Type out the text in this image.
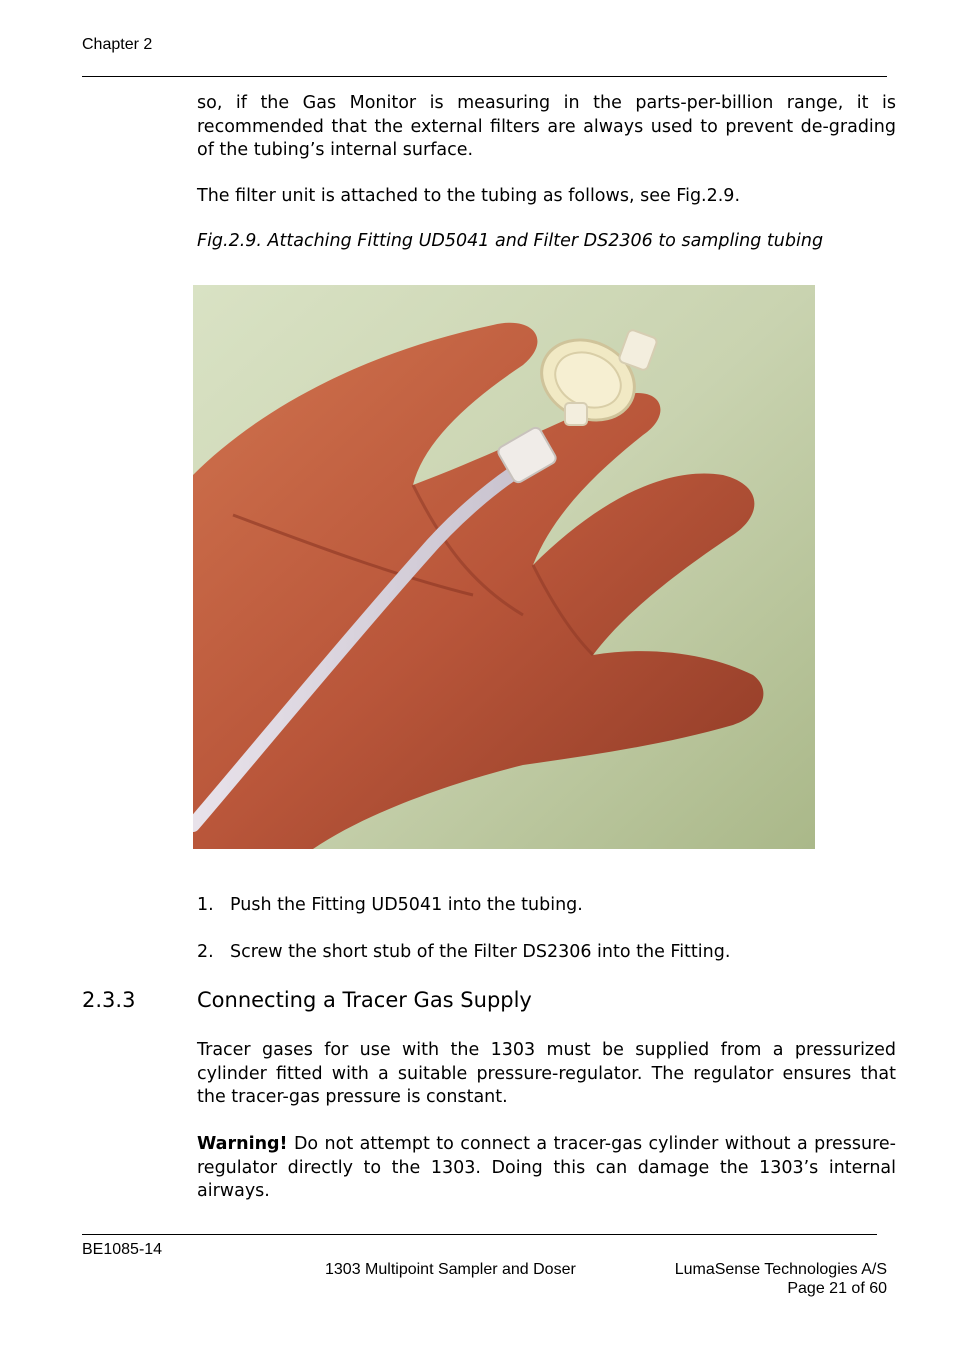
Chapter 2
so, if the Gas Monitor is measuring in the parts-per-billion range, it is recommended that the external filters are always used to prevent de-grading of the tubing’s internal surface.
The filter unit is attached to the tubing as follows, see Fig.2.9.
Fig.2.9. Attaching Fitting UD5041 and Filter DS2306 to sampling tubing
1. Push the Fitting UD5041 into the tubing.
2. Screw the short stub of the Filter DS2306 into the Fitting.
2.3.3	Connecting a Tracer Gas Supply
Tracer gases for use with the 1303 must be supplied from a pressurized cylinder fitted with a suitable pressure-regulator. The regulator ensures that the tracer-gas pressure is constant.
Warning! Do not attempt to connect a tracer-gas cylinder without a pressure-regulator directly to the 1303. Doing this can damage the 1303’s internal airways.
BE1085-14
1303 Multipoint Sampler and Doser	LumaSense Technologies A/S
Page 21 of 60
